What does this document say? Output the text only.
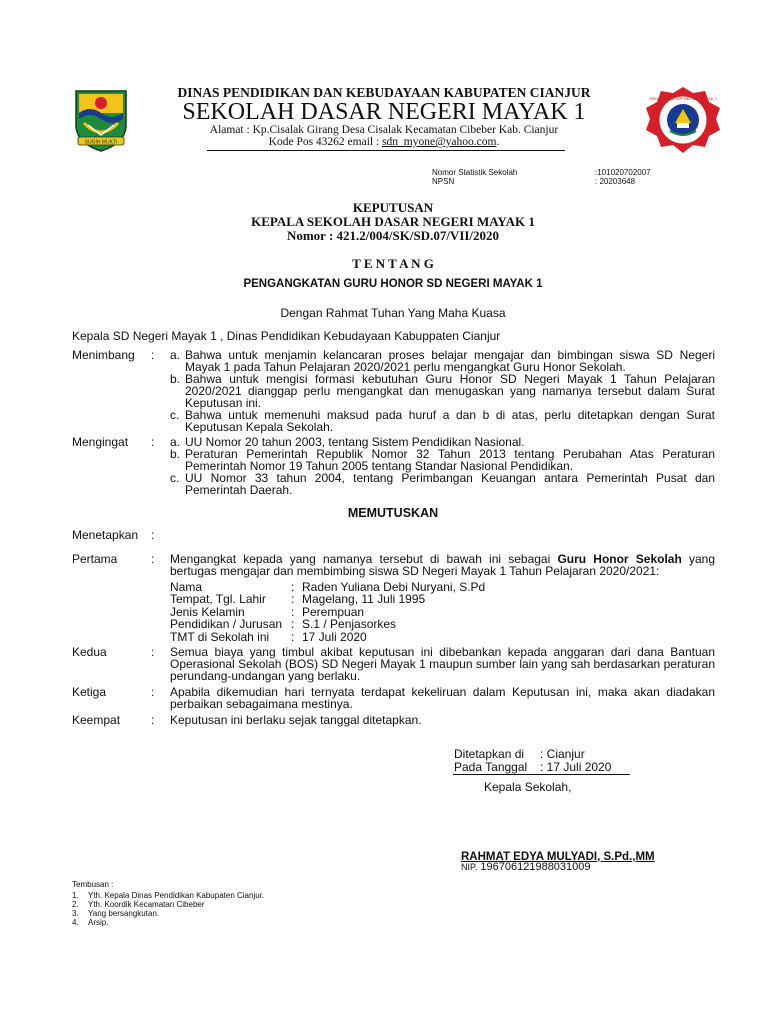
SUGIH MUKTI
DINAS PENDIDIKAN DAN KEBUDAYAAN KABUPATEN CIANJUR
SEKOLAH DASAR NEGERI MAYAK 1
Alamat : Kp.Cisalak Girang Desa Cisalak Kecamatan Cibeber Kab. Cianjur
Kode Pos 43262 email : sdn_myone@yahoo.com.
SEKOLAH DASAR NEGERI MAYAK 1
Nomor Statistik Sekolah	:101020702007
NPSN	: 20203648
KEPUTUSAN
KEPALA SEKOLAH DASAR NEGERI MAYAK 1
Nomor : 421.2/004/SK/SD.07/VII/2020
T E N T A N G
PENGANGKATAN GURU HONOR SD NEGERI MAYAK 1
Dengan Rahmat Tuhan Yang Maha Kuasa
Kepala SD Negeri Mayak 1 , Dinas Pendidikan Kebudayaan Kabuppaten Cianjur
Menimbang : a. Bahwa untuk menjamin kelancaran proses belajar mengajar dan bimbingan siswa SD Negeri Mayak 1 pada Tahun Pelajaran 2020/2021 perlu mengangkat Guru Honor Sekolah.
b. Bahwa untuk mengisi formasi kebutuhan Guru Honor SD Negeri Mayak 1 Tahun Pelajaran 2020/2021 dianggap perlu mengangkat dan menugaskan yang namanya tersebut dalam Surat Keputusan ini.
c. Bahwa untuk memenuhi maksud pada huruf a dan b di atas, perlu ditetapkan dengan Surat Keputusan Kepala Sekolah.
Mengingat : a. UU Nomor 20 tahun 2003, tentang Sistem Pendidikan Nasional.
b. Peraturan Pemerintah Republik Nomor 32 Tahun 2013 tentang Perubahan Atas Peraturan Pemerintah Nomor 19 Tahun 2005 tentang Standar Nasional Pendidikan.
c. UU Nomor 33 tahun 2004, tentang Perimbangan Keuangan antara Pemerintah Pusat dan Pemerintah Daerah.
MEMUTUSKAN
Menetapkan :
Pertama	: Mengangkat kepada yang namanya tersebut di bawah ini sebagai Guru Honor Sekolah yang bertugas mengajar dan membimbing siswa SD Negeri Mayak 1 Tahun Pelajaran 2020/2021:
Nama	: Raden Yuliana Debi Nuryani, S.Pd
Tempat, Tgl. Lahir	: Magelang, 11 Juli 1995
Jenis Kelamin	: Perempuan
Pendidikan / Jurusan : S.1 / Penjasorkes
TMT di Sekolah ini	: 17 Juli 2020
Kedua	: Semua biaya yang timbul akibat keputusan ini dibebankan kepada anggaran dari dana Bantuan Operasional Sekolah (BOS) SD Negeri Mayak 1 maupun sumber lain yang sah berdasarkan peraturan perundang-undangan yang berlaku.
Ketiga	: Apabila dikemudian hari ternyata terdapat kekeliruan dalam Keputusan ini, maka akan diadakan perbaikan sebagaimana mestinya.
Keempat	: Keputusan ini berlaku sejak tanggal ditetapkan.
Ditetapkan di : Cianjur
Pada Tanggal : 17 Juli 2020
Kepala Sekolah,
RAHMAT EDYA MULYADI, S.Pd.,MM
NIP. 196706121988031009
Tembusan :
1.	Yth. Kepala Dinas Pendidikan Kabupaten Cianjur.
2.	Yth. Koordik Kecamatan Cibeber
3.	Yang bersangkutan.
4.	Arsip.
